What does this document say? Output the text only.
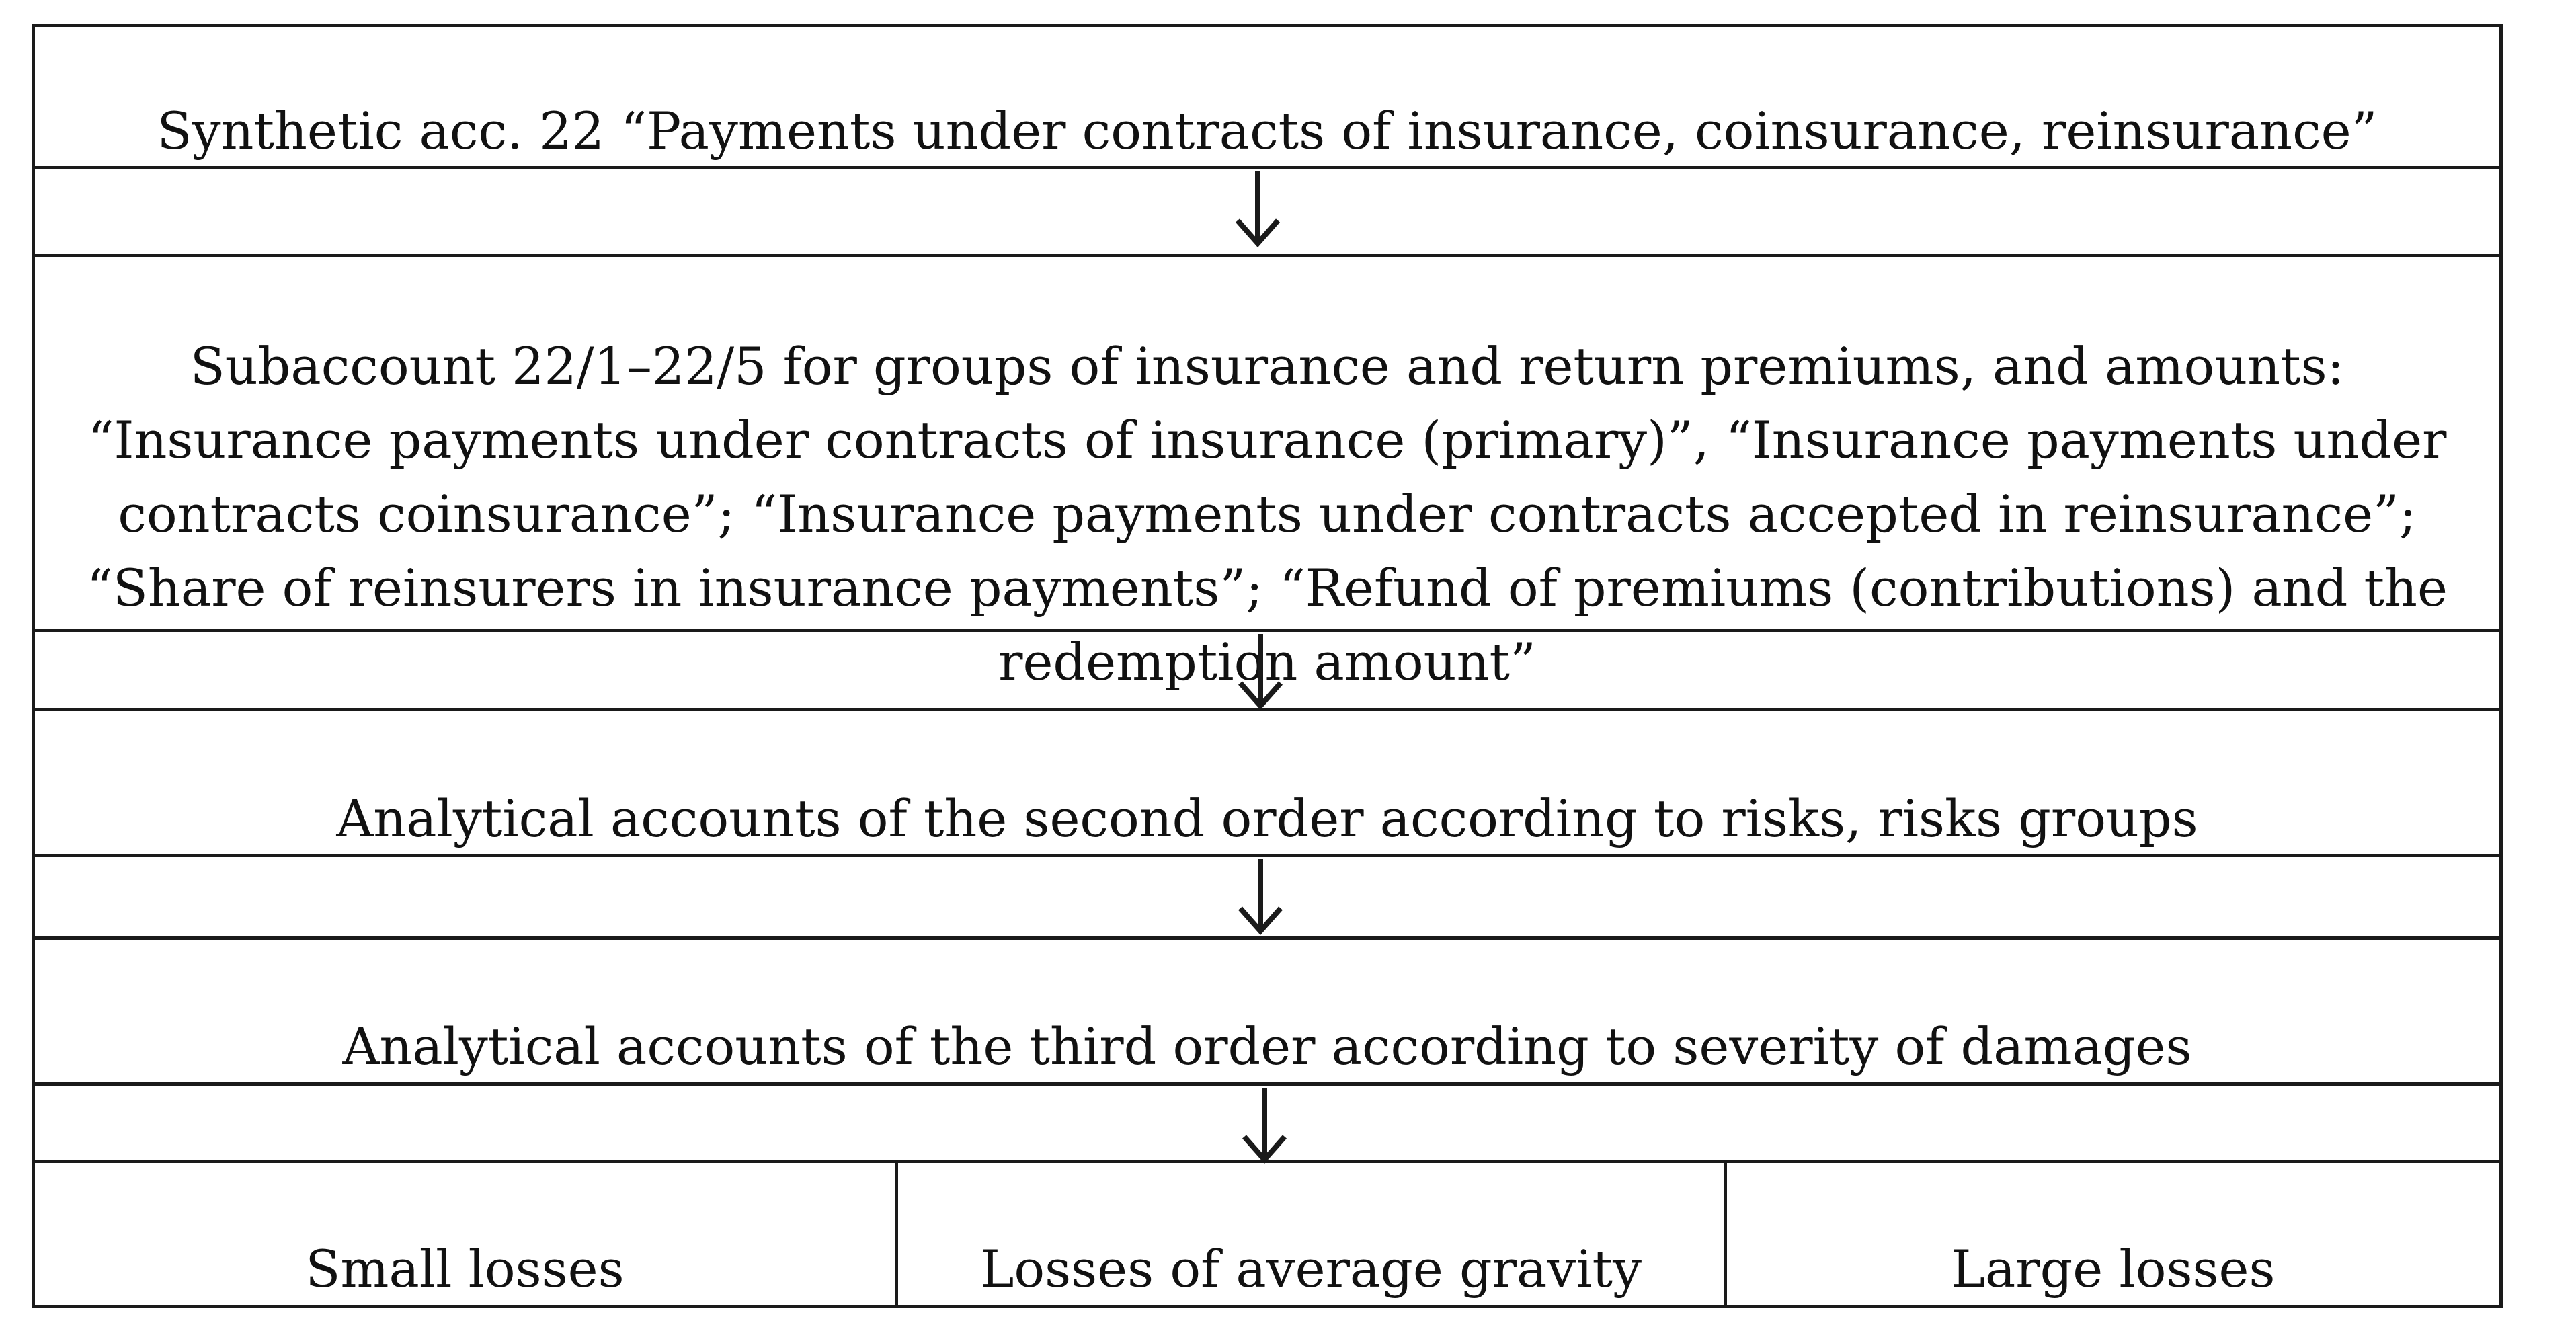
Synthetic acc. 22 “Payments under contracts of insurance, coinsurance, reinsurance”
Subaccount 22/1–22/5 for groups of insurance and return premiums, and amounts: “Insurance payments under contracts of insurance (primary)”, “Insurance payments under contracts coinsurance”; “Insurance payments under contracts accepted in reinsurance”; “Share of reinsurers in insurance payments”; “Refund of premiums (contributions) and the redemption amount”
Analytical accounts of the second order according to risks, risks groups
Analytical accounts of the third order according to severity of damages
Small losses	Losses of average gravity	Large losses
